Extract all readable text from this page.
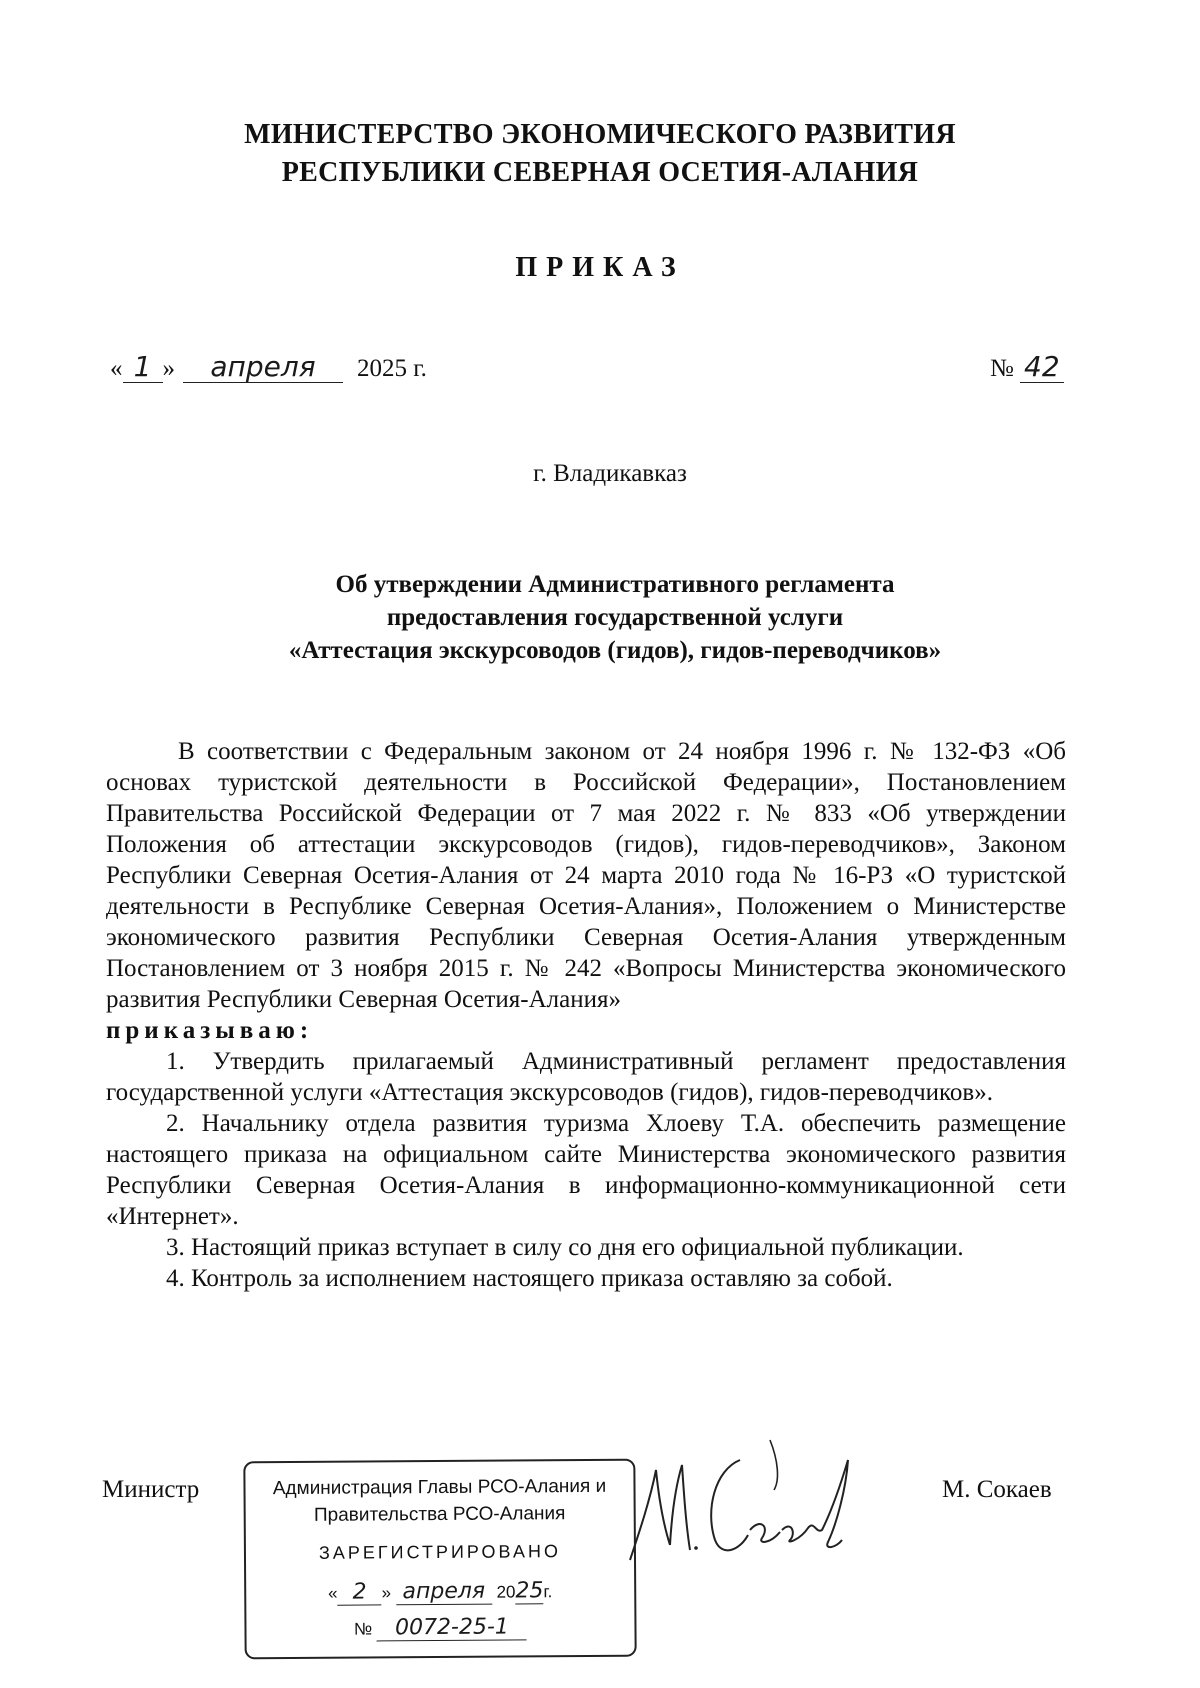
МИНИСТЕРСТВО ЭКОНОМИЧЕСКОГО РАЗВИТИЯ
РЕСПУБЛИКИ СЕВЕРНАЯ ОСЕТИЯ-АЛАНИЯ
ПРИКАЗ
« 1 » апреля 2025 г.	№ 42
г. Владикавказ
Об утверждении Административного регламента
предоставления государственной услуги
«Аттестация экскурсоводов (гидов), гидов-переводчиков»

В соответствии с Федеральным законом от 24 ноября 1996 г. № 132-ФЗ «Об основах туристской деятельности в Российской Федерации», Постановлением Правительства Российской Федерации от 7 мая 2022 г. № 833 «Об утверждении Положения об аттестации экскурсоводов (гидов), гидов-переводчиков», Законом Республики Северная Осетия-Алания от 24 марта 2010 года № 16-РЗ «О туристской деятельности в Республике Северная Осетия-Алания», Положением о Министерстве экономического развития Республики Северная Осетия-Алания утвержденным Постановлением от 3 ноября 2015 г. № 242 «Вопросы Министерства экономического развития Республики Северная Осетия-Алания»

приказываю:

1. Утвердить прилагаемый Административный регламент предоставления государственной услуги «Аттестация экскурсоводов (гидов), гидов-переводчиков».

2. Начальнику отдела развития туризма Хлоеву Т.А. обеспечить размещение настоящего приказа на официальном сайте Министерства экономического развития Республики Северная Осетия-Алания в информационно-коммуникационной сети «Интернет».

3. Настоящий приказ вступает в силу со дня его официальной публикации.

4. Контроль за исполнением настоящего приказа оставляю за собой.

Министр	М. Сокаев
Администрация Главы РСО-Алания и
Правительства РСО-Алания
ЗАРЕГИСТРИРОВАНО
« 2 » апреля 2025г.
№ 0072-25-1
